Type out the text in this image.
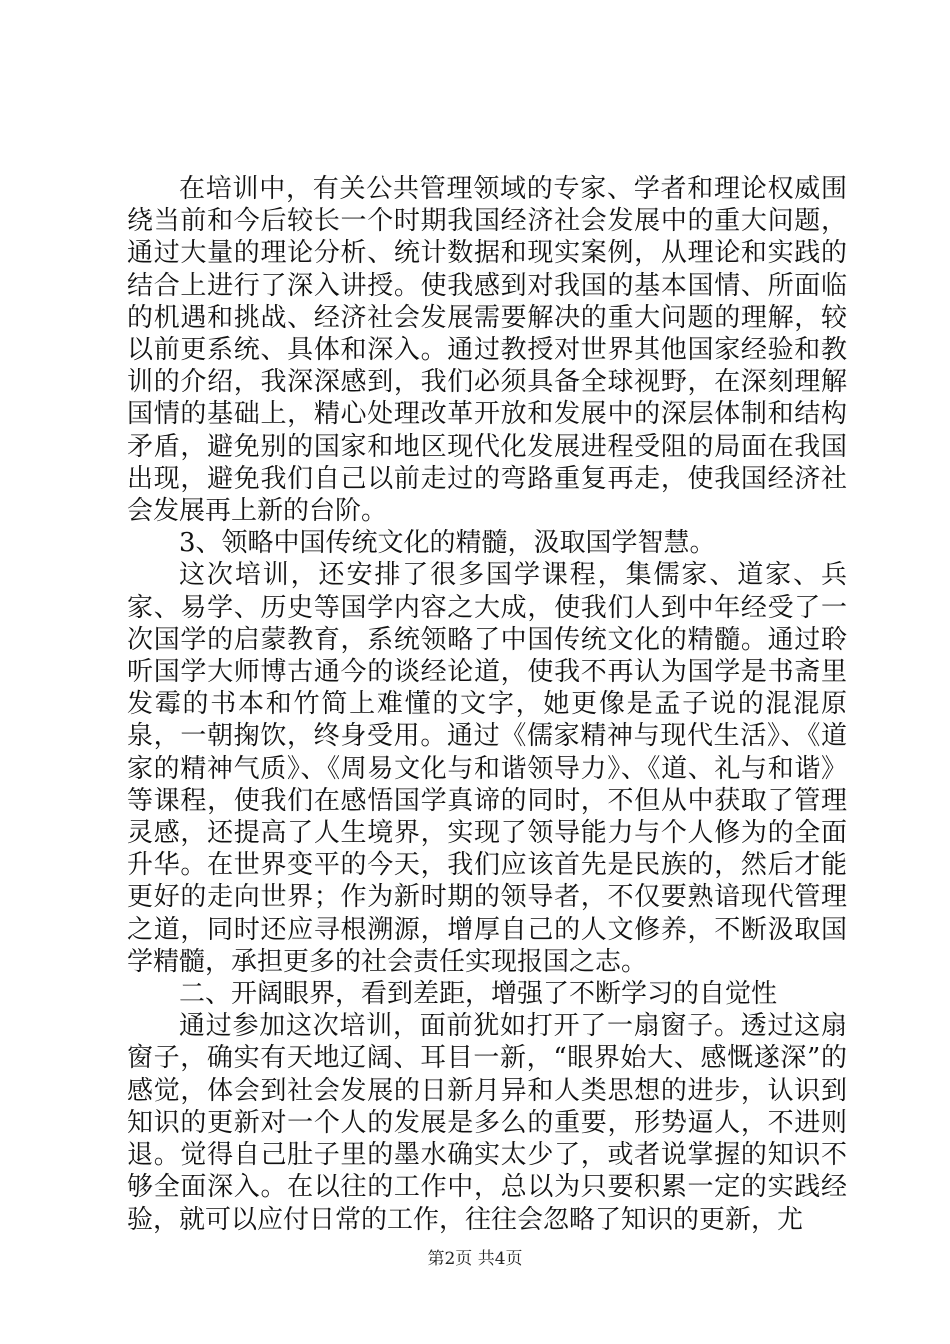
在培训中，有关公共管理领域的专家、学者和理论权威围绕当前和今后较长一个时期我国经济社会发展中的重大问题，通过大量的理论分析、统计数据和现实案例，从理论和实践的结合上进行了深入讲授。使我感到对我国的基本国情、所面临的机遇和挑战、经济社会发展需要解决的重大问题的理解，较以前更系统、具体和深入。通过教授对世界其他国家经验和教训的介绍，我深深感到，我们必须具备全球视野，在深刻理解国情的基础上，精心处理改革开放和发展中的深层体制和结构矛盾，避免别的国家和地区现代化发展进程受阻的局面在我国出现，避免我们自己以前走过的弯路重复再走，使我国经济社会发展再上新的台阶。

3、领略中国传统文化的精髓，汲取国学智慧。

这次培训，还安排了很多国学课程，集儒家、道家、兵家、易学、历史等国学内容之大成，使我们人到中年经受了一次国学的启蒙教育，系统领略了中国传统文化的精髓。通过聆听国学大师博古通今的谈经论道，使我不再认为国学是书斋里发霉的书本和竹简上难懂的文字，她更像是孟子说的混混原泉，一朝掬饮，终身受用。通过《儒家精神与现代生活》、《道家的精神气质》、《周易文化与和谐领导力》、《道、礼与和谐》等课程，使我们在感悟国学真谛的同时，不但从中获取了管理灵感，还提高了人生境界，实现了领导能力与个人修为的全面升华。在世界变平的今天，我们应该首先是民族的，然后才能更好的走向世界；作为新时期的领导者，不仅要熟谙现代管理之道，同时还应寻根溯源，增厚自己的人文修养，不断汲取国学精髓，承担更多的社会责任实现报国之志。

二、开阔眼界，看到差距，增强了不断学习的自觉性

通过参加这次培训，面前犹如打开了一扇窗子。透过这扇窗子，确实有天地辽阔、耳目一新，“眼界始大、感慨遂深”的感觉，体会到社会发展的日新月异和人类思想的进步，认识到知识的更新对一个人的发展是多么的重要，形势逼人，不进则退。觉得自己肚子里的墨水确实太少了，或者说掌握的知识不够全面深入。在以往的工作中，总以为只要积累一定的实践经验，就可以应付日常的工作，往往会忽略了知识的更新，尤

第2页 共4页
